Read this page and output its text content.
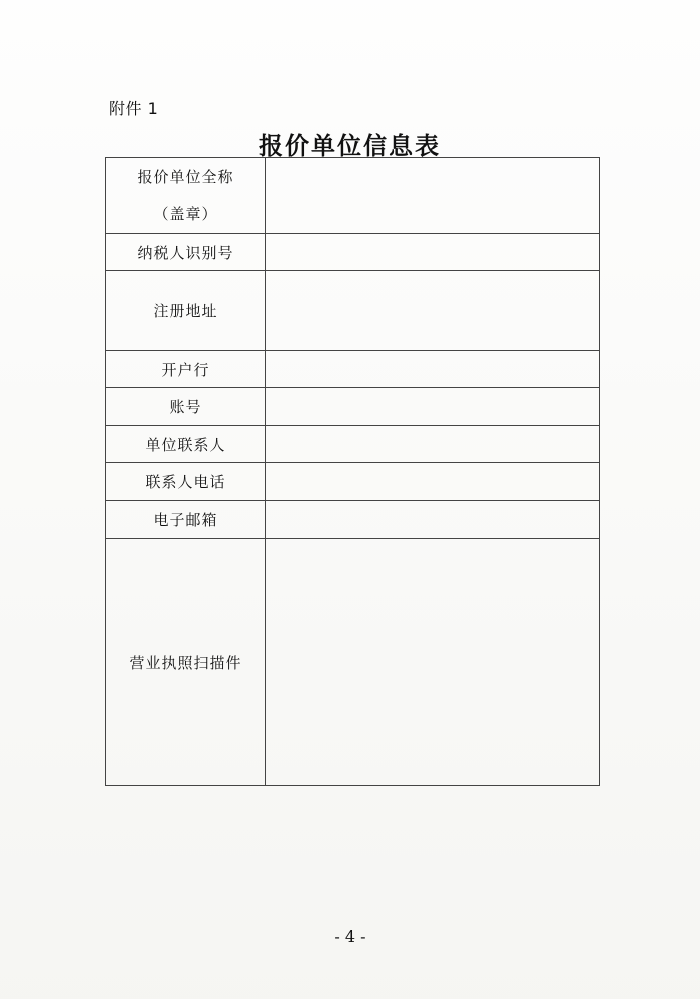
附件 1
报价单位信息表
报价单位全称
（盖章）	

纳税人识别号	
注册地址	
开户行	
账号	
单位联系人	
联系人电话	
电子邮箱	
营业执照扫描件	
- 4 -
